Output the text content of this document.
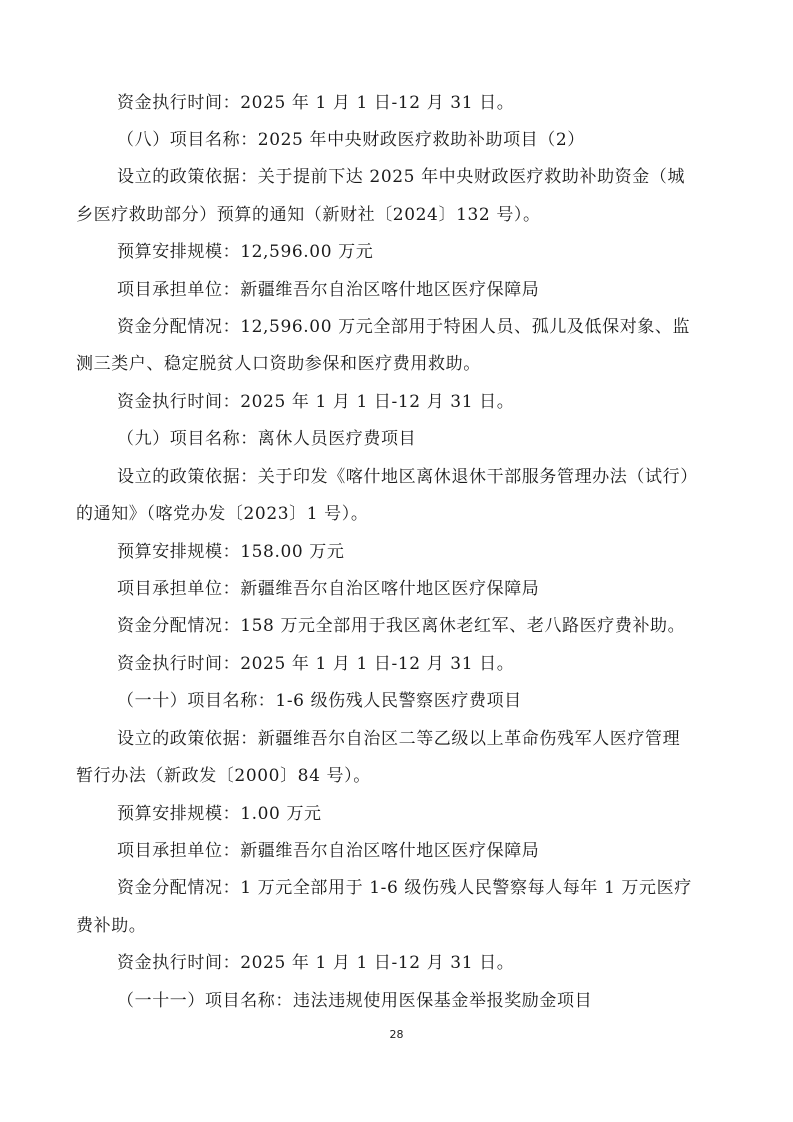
资金执行时间：2025 年 1 月 1 日-12 月 31 日。
（八）项目名称：2025 年中央财政医疗救助补助项目（2）
设立的政策依据：关于提前下达 2025 年中央财政医疗救助补助资金（城
乡医疗救助部分）预算的通知（新财社〔2024〕132 号）。
预算安排规模：12,596.00 万元
项目承担单位：新疆维吾尔自治区喀什地区医疗保障局
资金分配情况：12,596.00 万元全部用于特困人员、孤儿及低保对象、监
测三类户、稳定脱贫人口资助参保和医疗费用救助。
资金执行时间：2025 年 1 月 1 日-12 月 31 日。
（九）项目名称：离休人员医疗费项目
设立的政策依据：关于印发《喀什地区离休退休干部服务管理办法（试行）
的通知》（喀党办发〔2023〕1 号）。
预算安排规模：158.00 万元
项目承担单位：新疆维吾尔自治区喀什地区医疗保障局
资金分配情况：158 万元全部用于我区离休老红军、老八路医疗费补助。
资金执行时间：2025 年 1 月 1 日-12 月 31 日。
（一十）项目名称：1-6 级伤残人民警察医疗费项目
设立的政策依据：新疆维吾尔自治区二等乙级以上革命伤残军人医疗管理
暂行办法（新政发〔2000〕84 号）。
预算安排规模：1.00 万元
项目承担单位：新疆维吾尔自治区喀什地区医疗保障局
资金分配情况：1 万元全部用于 1-6 级伤残人民警察每人每年 1 万元医疗
费补助。
资金执行时间：2025 年 1 月 1 日-12 月 31 日。
（一十一）项目名称：违法违规使用医保基金举报奖励金项目
28
